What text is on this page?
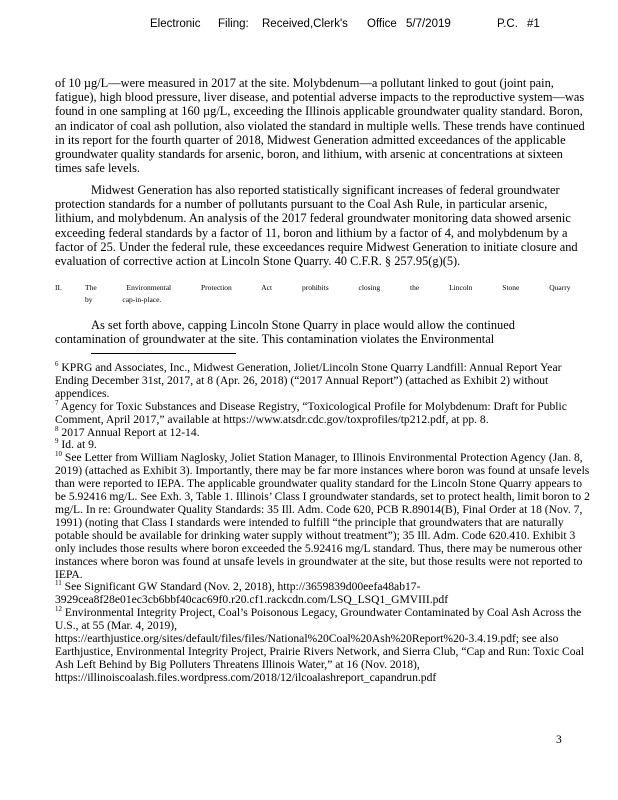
Electronic Filing: Received,Clerk's Office 5/7/2019	P.C. #1

of 10 µg/L—were measured in 2017 at the site. Molybdenum—a pollutant linked to gout (joint pain, fatigue), high blood pressure, liver disease, and potential adverse impacts to the reproductive system—was found in one sampling at 160 µg/L, exceeding the Illinois applicable groundwater quality standard. Boron, an indicator of coal ash pollution, also violated the standard in multiple wells. These trends have continued in its report for the fourth quarter of 2018, Midwest Generation admitted exceedances of the applicable groundwater quality standards for arsenic, boron, and lithium, with arsenic at concentrations at sixteen times safe levels.

Midwest Generation has also reported statistically significant increases of federal groundwater protection standards for a number of pollutants pursuant to the Coal Ash Rule, in particular arsenic, lithium, and molybdenum. An analysis of the 2017 federal groundwater monitoring data showed arsenic exceeding federal standards by a factor of 11, boron and lithium by a factor of 4, and molybdenum by a factor of 25. Under the federal rule, these exceedances require Midwest Generation to initiate closure and evaluation of corrective action at Lincoln Stone Quarry. 40 C.F.R. § 257.95(g)(5).

II.	The Environmental Protection Act prohibits closing the Lincoln Stone Quarry by cap-in-place.

As set forth above, capping Lincoln Stone Quarry in place would allow the continued contamination of groundwater at the site. This contamination violates the Environmental

$^6$ KPRG and Associates, Inc., Midwest Generation, Joliet/Lincoln Stone Quarry Landfill: Annual Report Year Ending December 31st, 2017, at 8 (Apr. 26, 2018) (“2017 Annual Report”) (attached as Exhibit 2) without appendices.

$^7$ Agency for Toxic Substances and Disease Registry, “Toxicological Profile for Molybdenum: Draft for Public Comment, April 2017,” available at https://www.atsdr.cdc.gov/toxprofiles/tp212.pdf, at pp. 8.

$^8$ 2017 Annual Report at 12-14.

$^9$ Id. at 9.

$^{10}$ See Letter from William Naglosky, Joliet Station Manager, to Illinois Environmental Protection Agency (Jan. 8, 2019) (attached as Exhibit 3). Importantly, there may be far more instances where boron was found at unsafe levels than were reported to IEPA. The applicable groundwater quality standard for the Lincoln Stone Quarry appears to be 5.92416 mg/L. See Exh. 3, Table 1. Illinois’ Class I groundwater standards, set to protect health, limit boron to 2 mg/L. In re: Groundwater Quality Standards: 35 Ill. Adm. Code 620, PCB R.89014(B), Final Order at 18 (Nov. 7, 1991) (noting that Class I standards were intended to fulfill “the principle that groundwaters that are naturally potable should be available for drinking water supply without treatment”); 35 Ill. Adm. Code 620.410. Exhibit 3 only includes those results where boron exceeded the 5.92416 mg/L standard. Thus, there may be numerous other instances where boron was found at unsafe levels in groundwater at the site, but those results were not reported to IEPA.

$^{11}$ See Significant GW Standard (Nov. 2, 2018), http://3659839d00eefa48ab17-3929cea8f28e01ec3cb6bbf40cac69f0.r20.cf1.rackcdn.com/LSQ_LSQ1_GMVIII.pdf

$^{12}$ Environmental Integrity Project, Coal’s Poisonous Legacy, Groundwater Contaminated by Coal Ash Across the U.S., at 55 (Mar. 4, 2019), https://earthjustice.org/sites/default/files/files/National%20Coal%20Ash%20Report%20-3.4.19.pdf; see also Earthjustice, Environmental Integrity Project, Prairie Rivers Network, and Sierra Club, “Cap and Run: Toxic Coal Ash Left Behind by Big Polluters Threatens Illinois Water,” at 16 (Nov. 2018), https://illinoiscoalash.files.wordpress.com/2018/12/ilcoalashreport_capandrun.pdf

3
